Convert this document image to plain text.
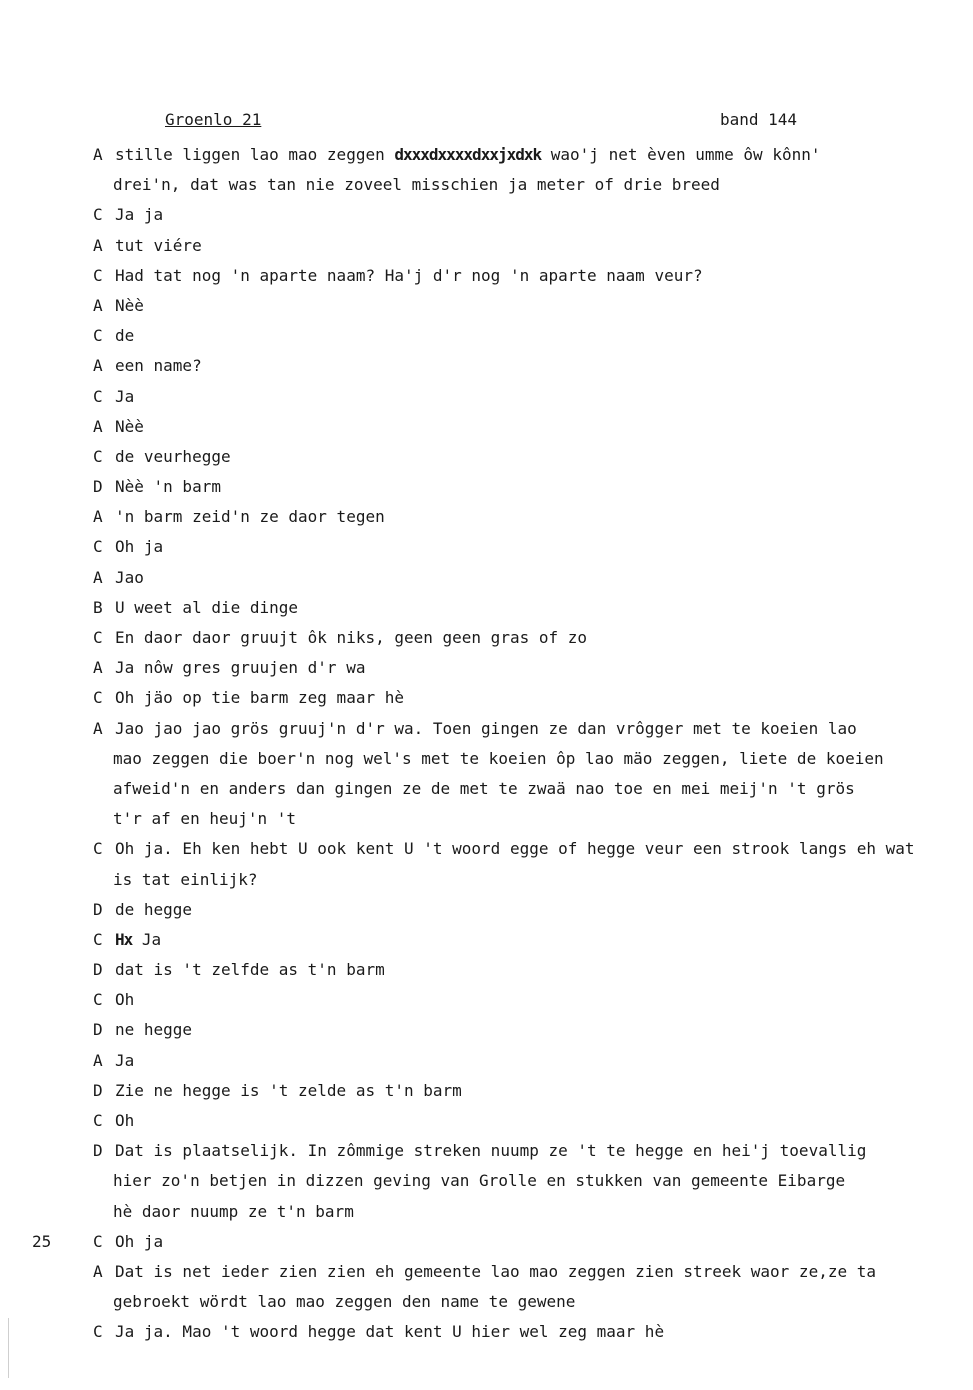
Groenlo 21	band 144
A stille liggen lao mao zeggen dxxxdxxxxdxxjxdxk wao'j net èven umme ôw kônn'
drei'n, dat was tan nie zoveel misschien ja meter of drie breed
C Ja ja
A tut viére
C Had tat nog 'n aparte naam? Ha'j d'r nog 'n aparte naam veur?
A Nèè
C de
A een name?
C Ja
A Nèè
C de veurhegge
D Nèè 'n barm
A 'n barm zeid'n ze daor tegen
C Oh ja
A Jao
B U weet al die dinge
C En daor daor gruujt ôk niks, geen geen gras of zo
A Ja nôw gres gruujen d'r wa
C Oh jäo op tie barm zeg maar hè
A Jao jao jao grös gruuj'n d'r wa. Toen gingen ze dan vrôgger met te koeien lao
mao zeggen die boer'n nog wel's met te koeien ôp lao mäo zeggen, liete de koeien
afweid'n en anders dan gingen ze de met te zwaä nao toe en mei meij'n 't grös
t'r af en heuj'n 't
C Oh ja. Eh ken hebt U ook kent U 't woord egge of hegge veur een strook langs eh wat
is tat einlijk?
D de hegge
C Hx Ja
D dat is 't zelfde as t'n barm
C Oh
D ne hegge
A Ja
D Zie ne hegge is 't zelde as t'n barm
C Oh
D Dat is plaatselijk. In zômmige streken nuump ze 't te hegge en hei'j toevallig
hier zo'n betjen in dizzen geving van Grolle en stukken van gemeente Eibarge
hè daor nuump ze t'n barm
25	C Oh ja
A Dat is net ieder zien zien eh gemeente lao mao zeggen zien streek waor ze,ze ta
gebroekt wördt lao mao zeggen den name te gewene
C Ja ja. Mao 't woord hegge dat kent U hier wel zeg maar hè
